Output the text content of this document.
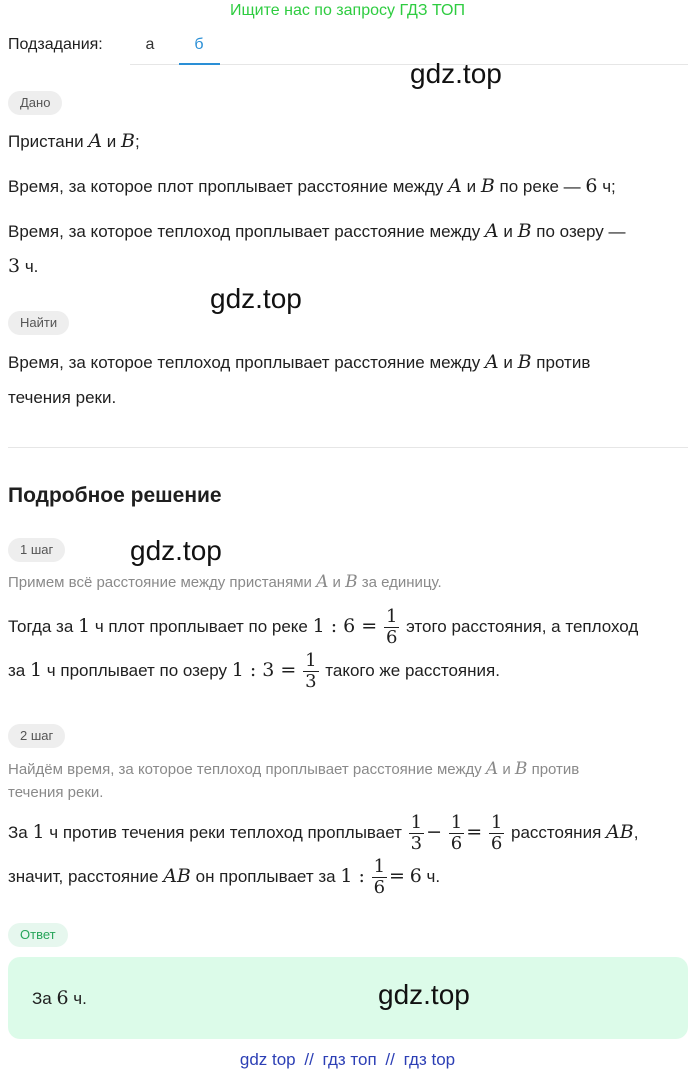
Ищите нас по запросу ГДЗ ТОП
Подзадания:	а	б
gdz.top
Дано
Пристани A и B;
Время, за которое плот проплывает расстояние между A и B по реке — 6 ч;
Время, за которое теплоход проплывает расстояние между A и B по озеру —
3 ч.
gdz.top
Найти
Время, за которое теплоход проплывает расстояние между A и B против
течения реки.
Подробное решение
1 шаг	gdz.top
Примем всё расстояние между пристанями A и B за единицу.
Тогда за 1 ч плот проплывает по реке 1 : $6 = \frac{1}{6}$ этого расстояния, а теплоход
за 1 ч проплывает по озеру 1 : $3 = \frac{1}{3}$ такого же расстояния.
2 шаг
Найдём время, за которое теплоход проплывает расстояние между A и B против
течения реки.
За 1 ч против течения реки теплоход проплывает $\frac{1}{3} - \frac{1}{6} = \frac{1}{6}$ расстояния AB,
значит, расстояние AB он проплывает за 1 : $\frac{1}{6} = 6$ ч.
Ответ
За 6 ч.	gdz.top
gdz top // гдз топ // гдз top
